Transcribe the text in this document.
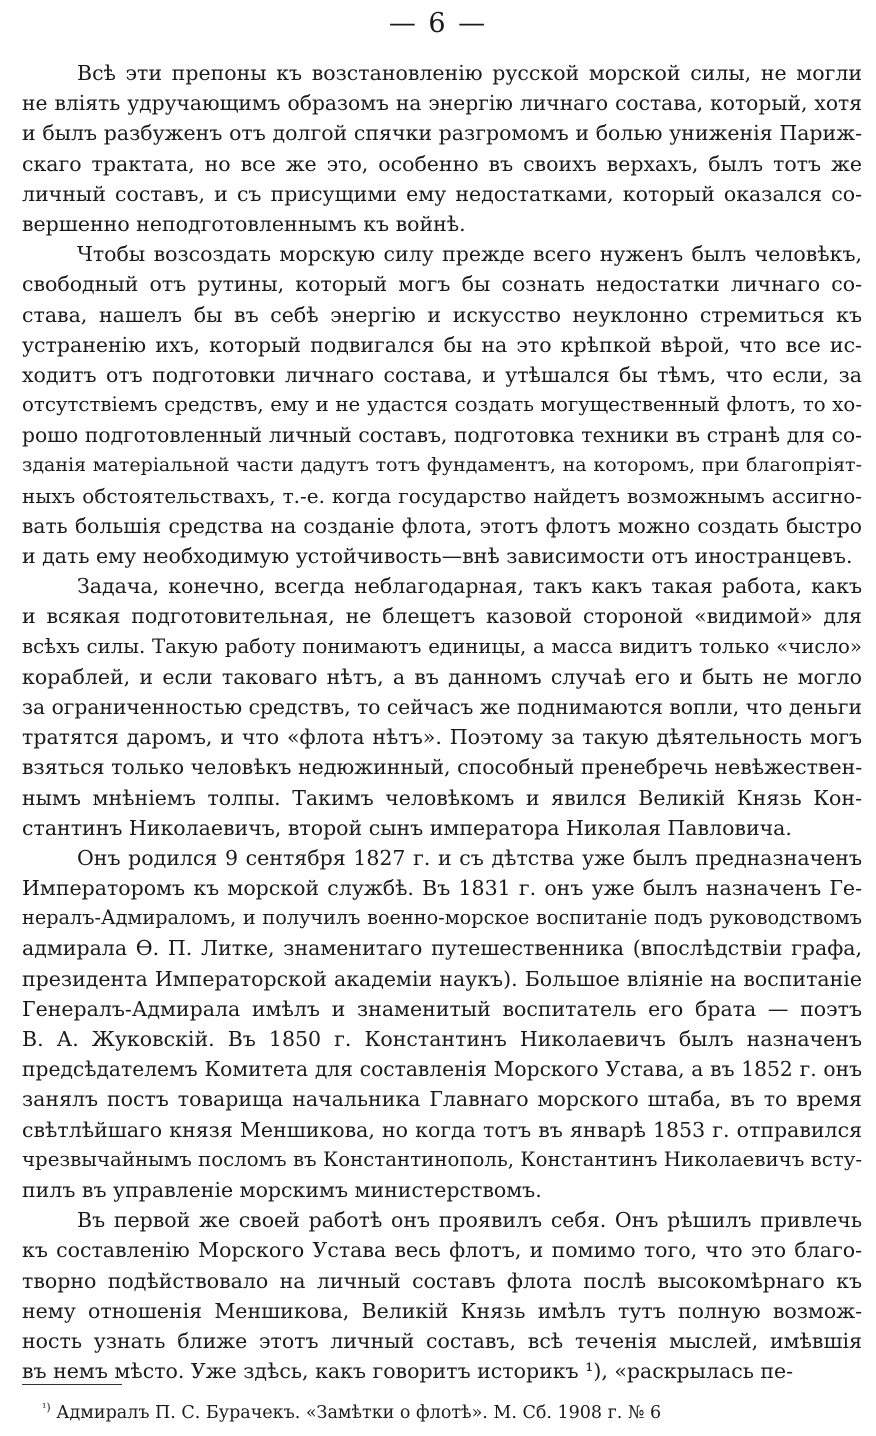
— 6 —
Всѣ эти препоны къ возстановленію русской морской силы, не могли
не вліять удручающимъ образомъ на энергію личнаго состава, который, хотя
и былъ разбуженъ отъ долгой спячки разгромомъ и болью униженія Париж-
скаго трактата, но все же это, особенно въ своихъ верхахъ, былъ тотъ же
личный составъ, и съ присущими ему недостатками, который оказался со-
вершенно неподготовленнымъ къ войнѣ.
Чтобы возсоздать морскую силу прежде всего нуженъ былъ человѣкъ,
свободный отъ рутины, который могъ бы сознать недостатки личнаго со-
става, нашелъ бы въ себѣ энергію и искусство неуклонно стремиться къ
устраненію ихъ, который подвигался бы на это крѣпкой вѣрой, что все ис-
ходитъ отъ подготовки личнаго состава, и утѣшался бы тѣмъ, что если, за
отсутствіемъ средствъ, ему и не удастся создать могущественный флотъ, то хо-
рошо подготовленный личный составъ, подготовка техники въ странѣ для со-
зданія матеріальной части дадутъ тотъ фундаментъ, на которомъ, при благопріят-
ныхъ обстоятельствахъ, т.-е. когда государство найдетъ возможнымъ ассигно-
вать большія средства на созданіе флота, этотъ флотъ можно создать быстро
и дать ему необходимую устойчивость—внѣ зависимости отъ иностранцевъ.
Задача, конечно, всегда неблагодарная, такъ какъ такая работа, какъ
и всякая подготовительная, не блещетъ казовой стороной «видимой» для
всѣхъ силы. Такую работу понимаютъ единицы, а масса видитъ только «число»
кораблей, и если таковаго нѣтъ, а въ данномъ случаѣ его и быть не могло
за ограниченностью средствъ, то сейчасъ же поднимаются вопли, что деньги
тратятся даромъ, и что «флота нѣтъ». Поэтому за такую дѣятельность могъ
взяться только человѣкъ недюжинный, способный пренебречь невѣжествен-
нымъ мнѣніемъ толпы. Такимъ человѣкомъ и явился Великій Князь Кон-
стантинъ Николаевичъ, второй сынъ императора Николая Павловича.
Онъ родился 9 сентября 1827 г. и съ дѣтства уже былъ предназначенъ
Императоромъ къ морской службѣ. Въ 1831 г. онъ уже былъ назначенъ Ге-
нералъ-Адмираломъ, и получилъ военно-морское воспитаніе подъ руководствомъ
адмирала Ѳ. П. Литке, знаменитаго путешественника (впослѣдствіи графа,
президента Императорской академіи наукъ). Большое вліяніе на воспитаніе
Генералъ-Адмирала имѣлъ и знаменитый воспитатель его брата — поэтъ
В. А. Жуковскій. Въ 1850 г. Константинъ Николаевичъ былъ назначенъ
предсѣдателемъ Комитета для составленія Морского Устава, а въ 1852 г. онъ
занялъ постъ товарища начальника Главнаго морского штаба, въ то время
свѣтлѣйшаго князя Меншикова, но когда тотъ въ январѣ 1853 г. отправился
чрезвычайнымъ посломъ въ Константинополь, Константинъ Николаевичъ всту-
пилъ въ управленіе морскимъ министерствомъ.
Въ первой же своей работѣ онъ проявилъ себя. Онъ рѣшилъ привлечь
къ составленію Морского Устава весь флотъ, и помимо того, что это благо-
творно подѣйствовало на личный составъ флота послѣ высокомѣрнаго къ
нему отношенія Меншикова, Великій Князь имѣлъ тутъ полную возмож-
ность узнать ближе этотъ личный составъ, всѣ теченія мыслей, имѣвшія
въ немъ мѣсто. Уже здѣсь, какъ говоритъ историкъ ¹), «раскрылась пе-
$^{^1)}$ Адмиралъ П. С. Бурачекъ. «Замѣтки о флотѣ». М. Сб. 1908 г. № 6
